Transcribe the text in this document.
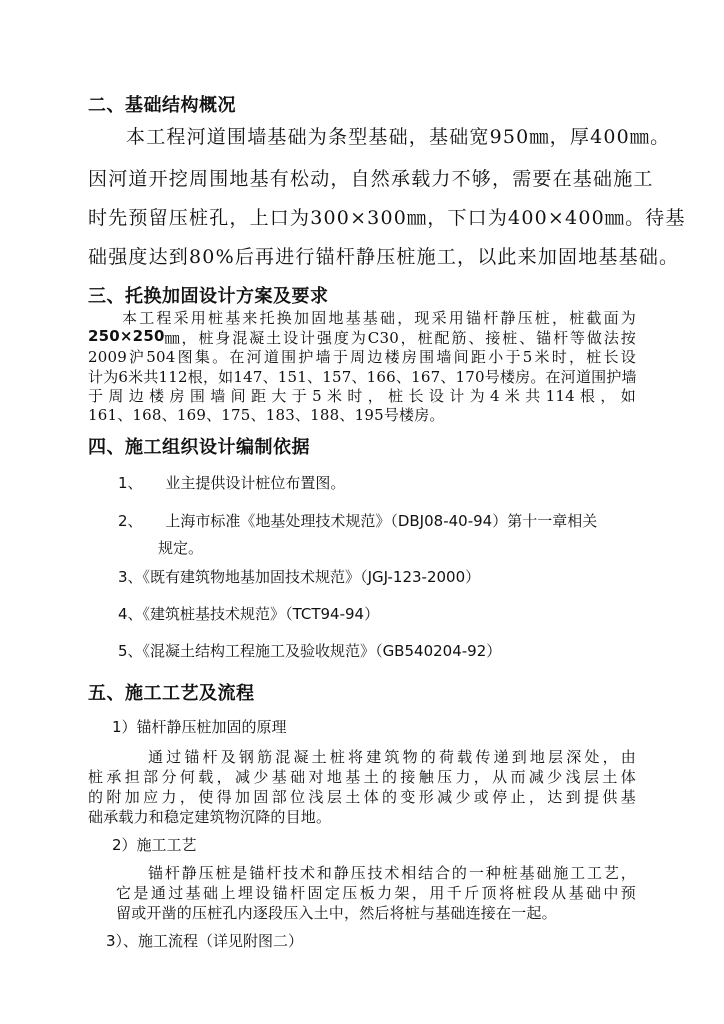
二、基础结构概况
本工程河道围墙基础为条型基础，基础宽950㎜，厚400㎜。
因河道开挖周围地基有松动，自然承载力不够，需要在基础施工
时先预留压桩孔，上口为300×300㎜，下口为400×400㎜。待基
础强度达到80%后再进行锚杆静压桩施工，以此来加固地基基础。
三、托换加固设计方案及要求
本工程采用桩基来托换加固地基基础，现采用锚杆静压桩，桩截面为
250×250 ㎜，桩身混凝土设计强度为C30，桩配筋、接桩、锚杆等做法按
2009沪504图集。在河道围护墙于周边楼房围墙间距小于5米时，桩长设
计为6米共112根，如147、151、157、166、167、170号楼房。在河道围护墙
于周边楼房围墙间距大于5米时，桩长设计为4米共114根，如
161、168、169、175、183、188、195号楼房。
四、施工组织设计编制依据
1、 业主提供设计桩位布置图。
2、 上海市标准《地基处理技术规范》（DBJ08-40-94）第十一章相关
规定。
3、《既有建筑物地基加固技术规范》（JGJ-123-2000）
4、《建筑桩基技术规范》（TCT94-94）
5、《混凝土结构工程施工及验收规范》（GB540204-92）
五、施工工艺及流程
1）锚杆静压桩加固的原理
通过锚杆及钢筋混凝土桩将建筑物的荷载传递到地层深处，由
桩承担部分何载，减少基础对地基土的接触压力，从而减少浅层土体
的附加应力，使得加固部位浅层土体的变形减少或停止，达到提供基
础承载力和稳定建筑物沉降的目地。
2）施工工艺
锚杆静压桩是锚杆技术和静压技术相结合的一种桩基础施工工艺，
它是通过基础上埋设锚杆固定压板力架，用千斤顶将桩段从基础中预
留或开凿的压桩孔内逐段压入土中，然后将桩与基础连接在一起。
3）、施工流程（详见附图二）
